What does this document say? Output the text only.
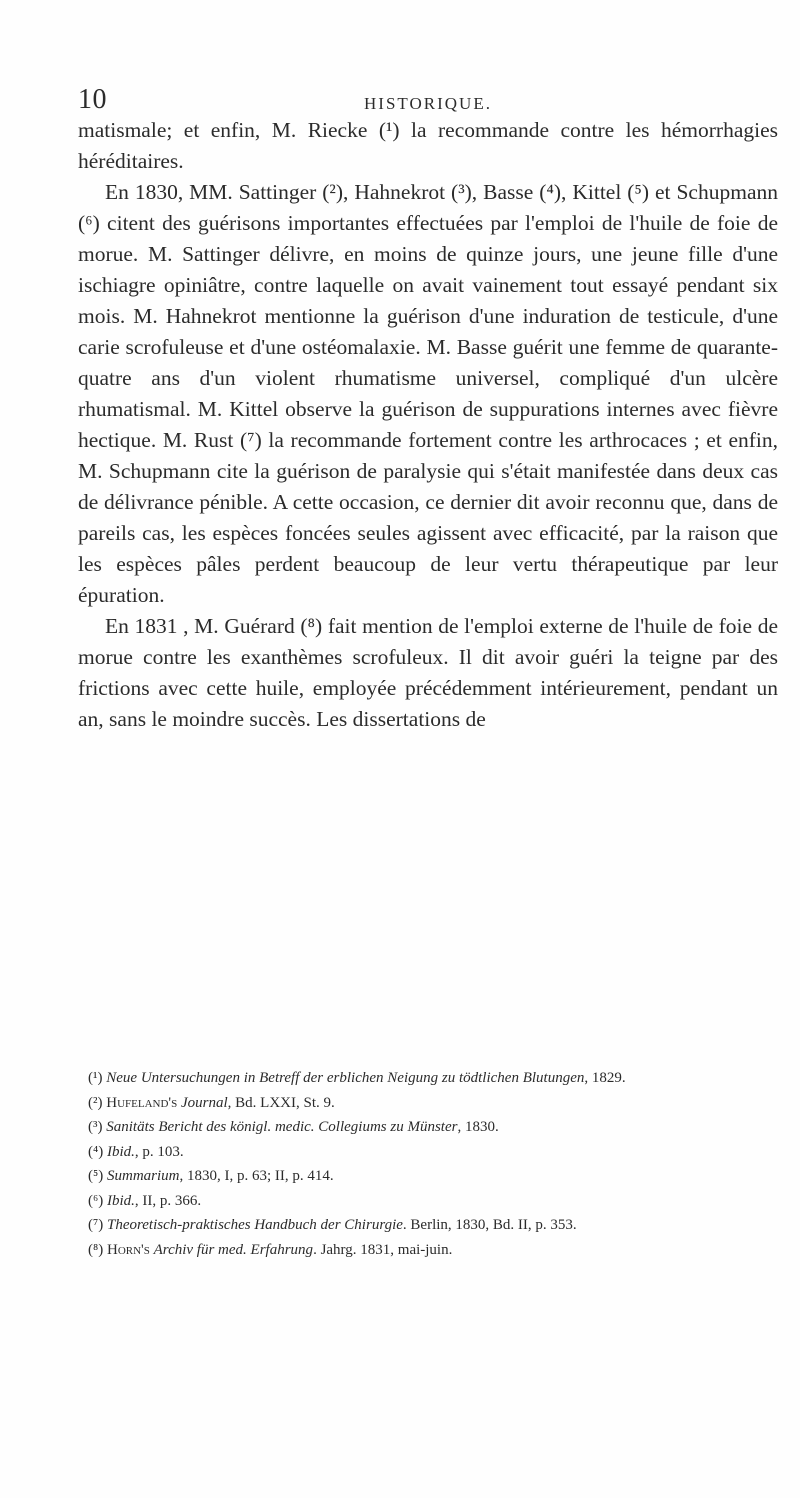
10	HISTORIQUE.

matismale; et enfin, M. Riecke (¹) la recommande contre les hémorrhagies héréditaires.

En 1830, MM. Sattinger (²), Hahnekrot (³), Basse (⁴), Kittel (⁵) et Schupmann (⁶) citent des guérisons importantes effectuées par l'emploi de l'huile de foie de morue. M. Sattinger délivre, en moins de quinze jours, une jeune fille d'une ischiagre opiniâtre, contre laquelle on avait vainement tout essayé pendant six mois. M. Hahnekrot mentionne la guérison d'une induration de testicule, d'une carie scrofuleuse et d'une ostéomalaxie. M. Basse guérit une femme de quarante-quatre ans d'un violent rhumatisme universel, compliqué d'un ulcère rhumatismal. M. Kittel observe la guérison de suppurations internes avec fièvre hectique. M. Rust (⁷) la recommande fortement contre les arthrocaces ; et enfin, M. Schupmann cite la guérison de paralysie qui s'était manifestée dans deux cas de délivrance pénible. A cette occasion, ce dernier dit avoir reconnu que, dans de pareils cas, les espèces foncées seules agissent avec efficacité, par la raison que les espèces pâles perdent beaucoup de leur vertu thérapeutique par leur épuration.

En 1831 , M. Guérard (⁸) fait mention de l'emploi externe de l'huile de foie de morue contre les exanthèmes scrofuleux. Il dit avoir guéri la teigne par des frictions avec cette huile, employée précédemment intérieurement, pendant un an, sans le moindre succès. Les dissertations de

(¹) Neue Untersuchungen in Betreff der erblichen Neigung zu tödtlichen Blutungen, 1829.

(²) Hufeland's Journal, Bd. LXXI, St. 9.

(³) Sanitäts Bericht des königl. medic. Collegiums zu Münster, 1830.

(⁴) Ibid., p. 103.

(⁵) Summarium, 1830, I, p. 63; II, p. 414.

(⁶) Ibid., II, p. 366.

(⁷) Theoretisch-praktisches Handbuch der Chirurgie. Berlin, 1830, Bd. II, p. 353.

(⁸) Horn's Archiv für med. Erfahrung. Jahrg. 1831, mai-juin.
